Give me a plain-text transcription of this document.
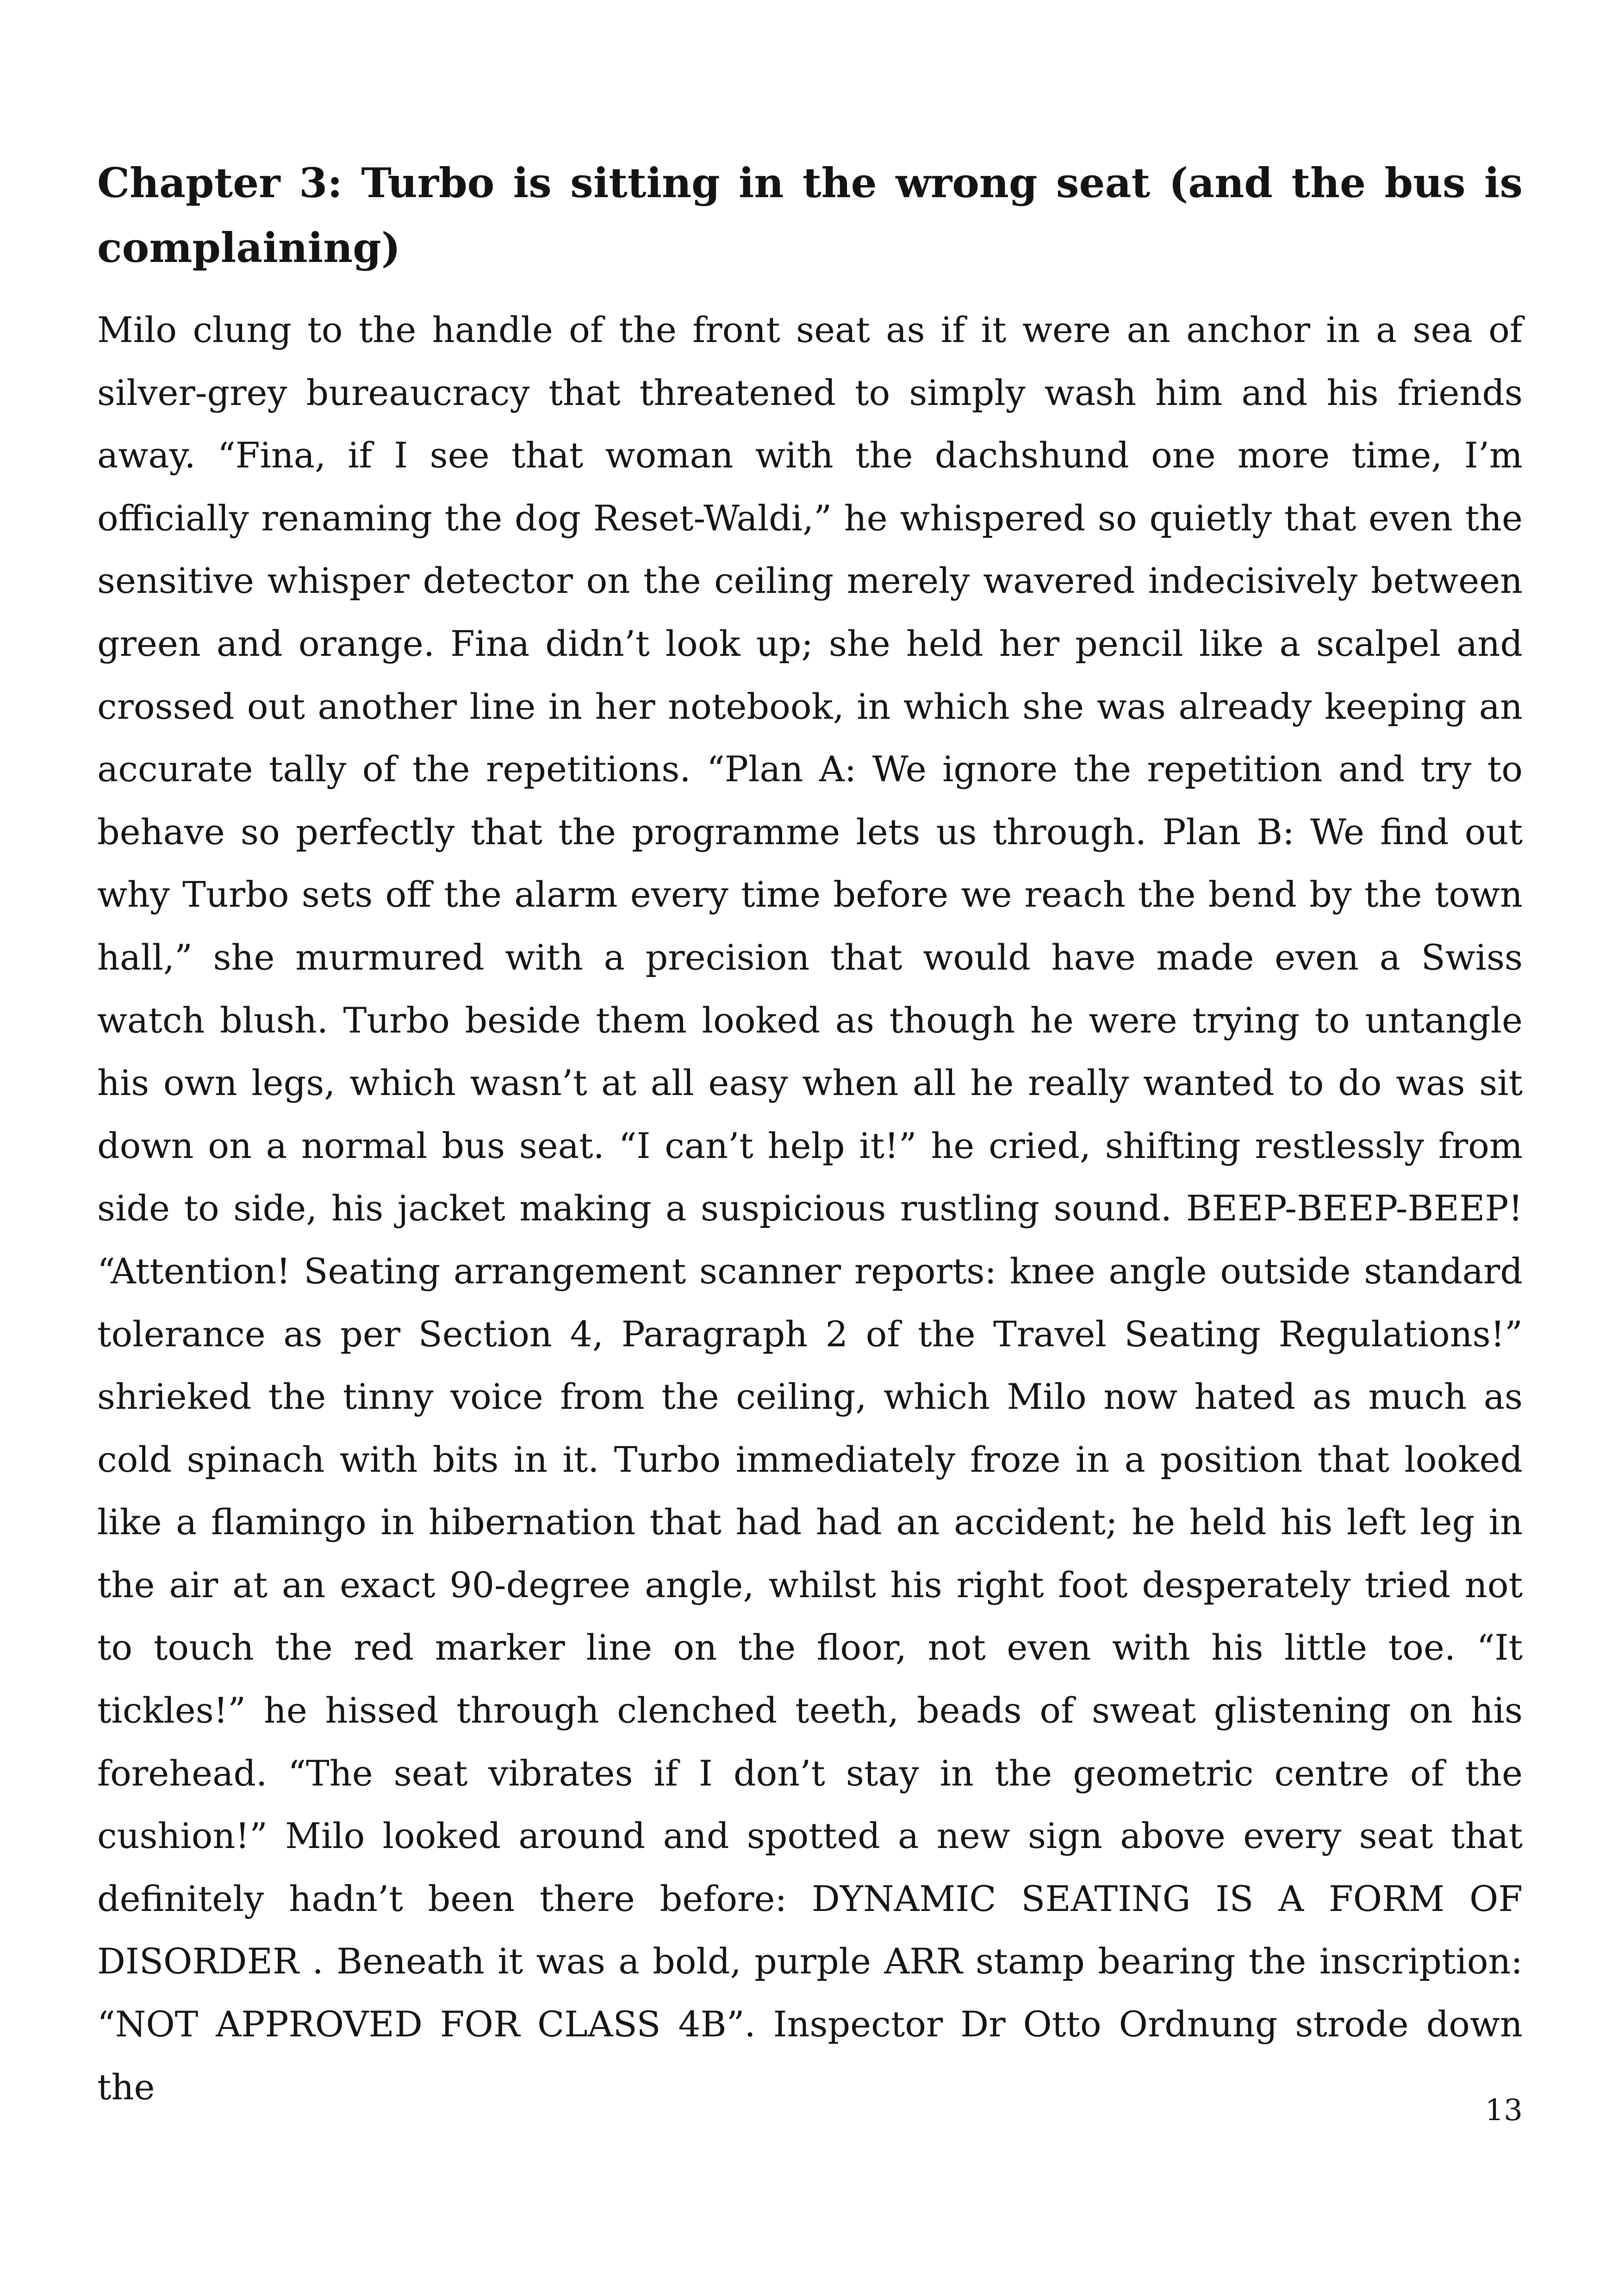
Chapter 3: Turbo is sitting in the wrong seat (and the bus is complaining)

Milo clung to the handle of the front seat as if it were an anchor in a sea of silver-grey bureaucracy that threatened to simply wash him and his friends away. “Fina, if I see that woman with the dachshund one more time, I’m officially renaming the dog Reset-Waldi,” he whispered so quietly that even the sensitive whisper detector on the ceiling merely wavered indecisively between green and orange. Fina didn’t look up; she held her pencil like a scalpel and crossed out another line in her notebook, in which she was already keeping an accurate tally of the repetitions. “Plan A: We ignore the repetition and try to behave so perfectly that the programme lets us through. Plan B: We find out why Turbo sets off the alarm every time before we reach the bend by the town hall,” she murmured with a precision that would have made even a Swiss watch blush. Turbo beside them looked as though he were trying to untangle his own legs, which wasn’t at all easy when all he really wanted to do was sit down on a normal bus seat. “I can’t help it!” he cried, shifting restlessly from side to side, his jacket making a suspicious rustling sound. BEEP-BEEP-BEEP! “Attention! Seating arrangement scanner reports: knee angle outside standard tolerance as per Section 4, Paragraph 2 of the Travel Seating Regulations!” shrieked the tinny voice from the ceiling, which Milo now hated as much as cold spinach with bits in it. Turbo immediately froze in a position that looked like a flamingo in hibernation that had had an accident; he held his left leg in the air at an exact 90-degree angle, whilst his right foot desperately tried not to touch the red marker line on the floor, not even with his little toe. “It tickles!” he hissed through clenched teeth, beads of sweat glistening on his forehead. “The seat vibrates if I don’t stay in the geometric centre of the cushion!” Milo looked around and spotted a new sign above every seat that definitely hadn’t been there before: DYNAMIC SEATING IS A FORM OF DISORDER . Beneath it was a bold, purple ARR stamp bearing the inscription: “NOT APPROVED FOR CLASS 4B”. Inspector Dr Otto Ordnung strode down the

13
